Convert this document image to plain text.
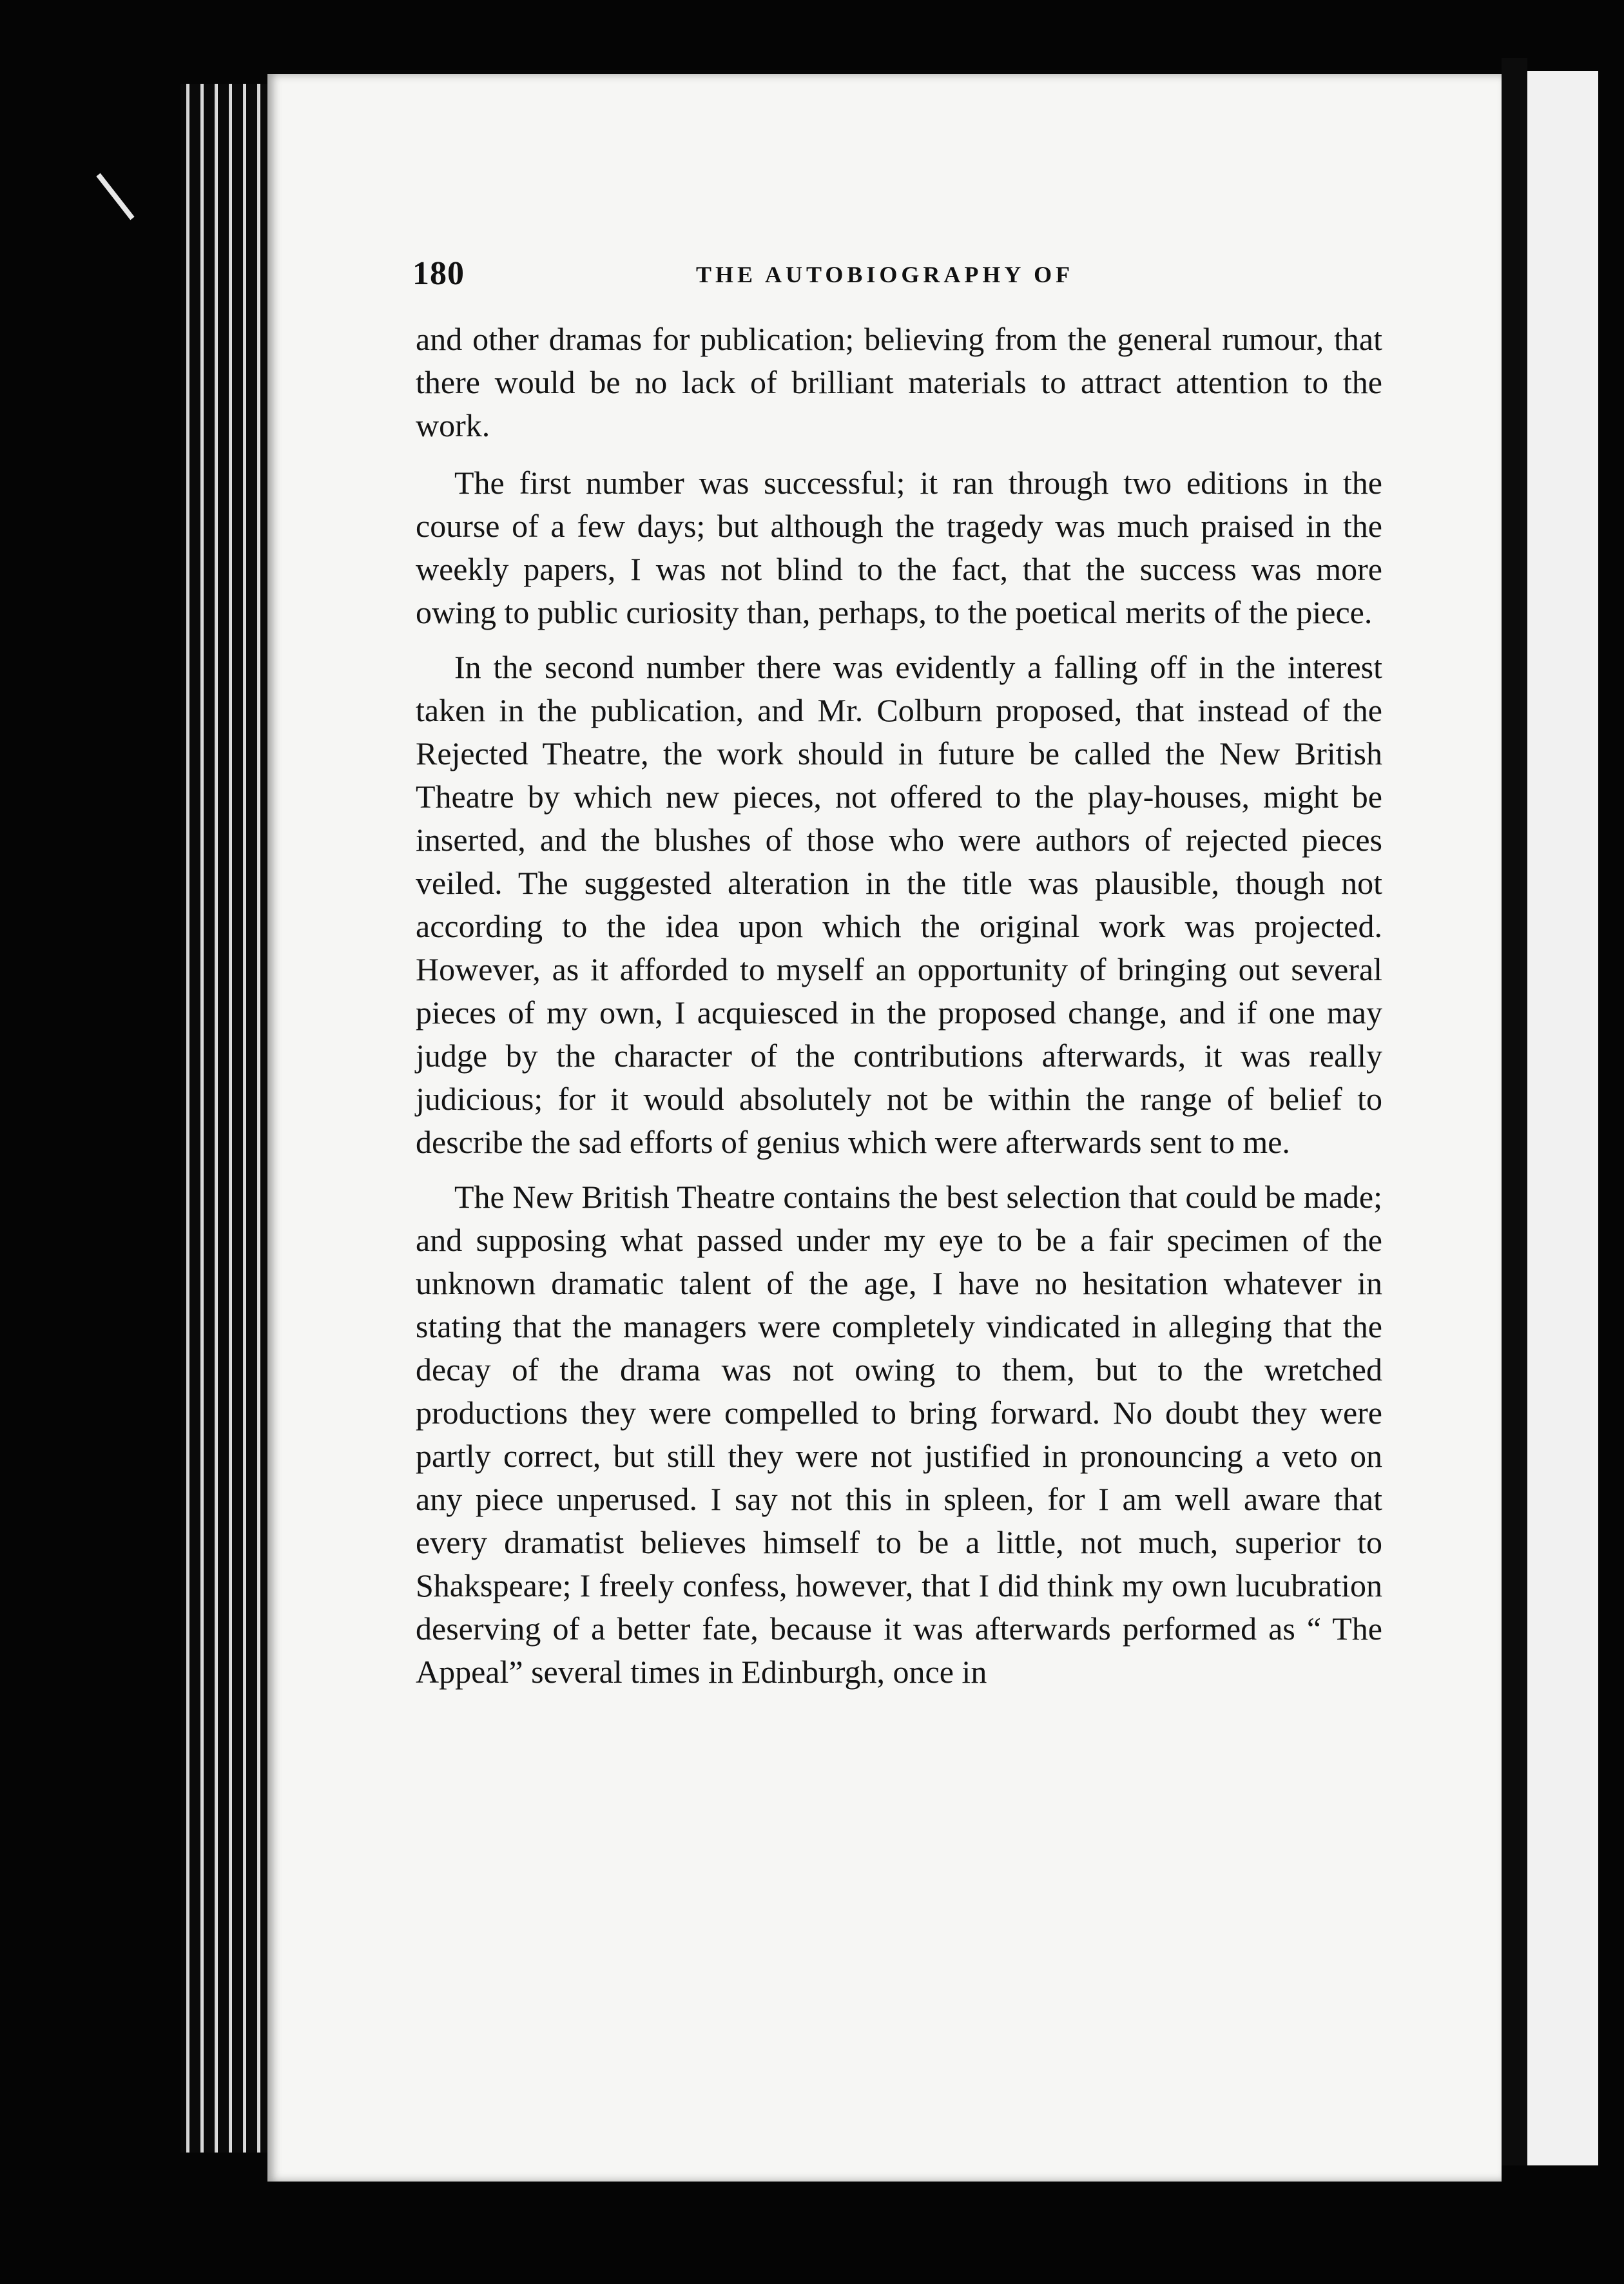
180	THE AUTOBIOGRAPHY OF

and other dramas for publication; believing from the general rumour, that there would be no lack of brilliant materials to attract attention to the work.

The first number was successful; it ran through two editions in the course of a few days; but although the tragedy was much praised in the weekly papers, I was not blind to the fact, that the success was more owing to public curiosity than, perhaps, to the poetical merits of the piece.

In the second number there was evidently a falling off in the interest taken in the publication, and Mr. Colburn proposed, that instead of the Rejected Theatre, the work should in future be called the New British Theatre by which new pieces, not offered to the play-houses, might be inserted, and the blushes of those who were authors of rejected pieces veiled. The suggested alteration in the title was plausible, though not according to the idea upon which the original work was projected. However, as it afforded to myself an opportunity of bringing out several pieces of my own, I acquiesced in the proposed change, and if one may judge by the character of the contributions afterwards, it was really judicious; for it would absolutely not be within the range of belief to describe the sad efforts of genius which were afterwards sent to me.

The New British Theatre contains the best selection that could be made; and supposing what passed under my eye to be a fair specimen of the unknown dramatic talent of the age, I have no hesitation whatever in stating that the managers were completely vindicated in alleging that the decay of the drama was not owing to them, but to the wretched productions they were compelled to bring forward. No doubt they were partly correct, but still they were not justified in pronouncing a veto on any piece unperused. I say not this in spleen, for I am well aware that every dramatist believes himself to be a little, not much, superior to Shakspeare; I freely confess, however, that I did think my own lucubration deserving of a better fate, because it was afterwards performed as “ The Appeal” several times in Edinburgh, once in
